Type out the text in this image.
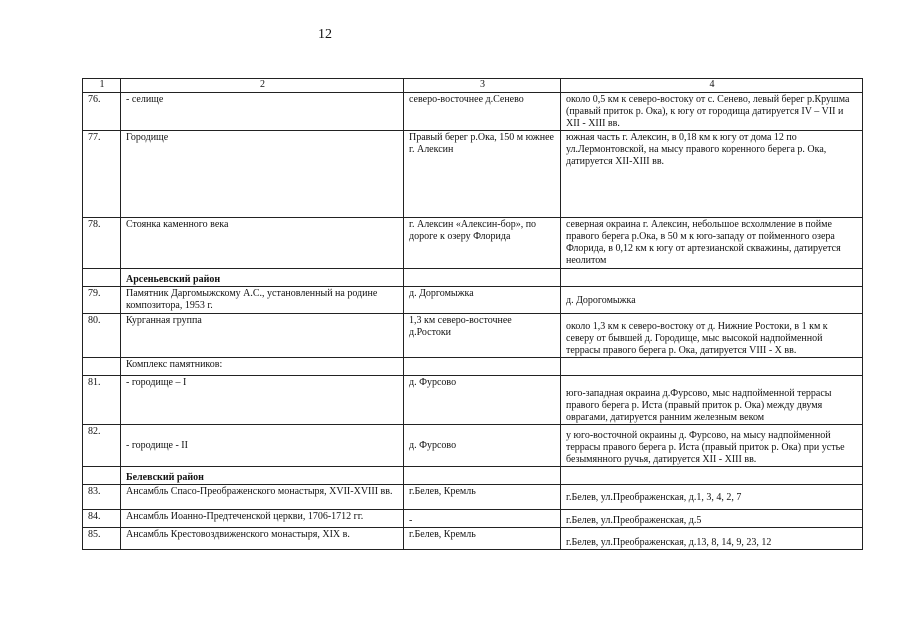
12
1	2	3	4
76.	- селище	северо-восточнее д.Сенево	около 0,5 км к северо-востоку от с. Сенево, левый берег р.Крушма (правый приток р. Ока), к югу от городища датируется IV – VII и XII - XIII вв.
77.	Городище	Правый берег р.Ока, 150 м южнее г. Алексин	южная часть г. Алексин, в 0,18 км к югу от дома 12 по ул.Лермонтовской, на мысу правого коренного берега р. Ока, датируется XII-XIII вв.
78.	Стоянка каменного века	г. Алексин «Алексин-бор», по дороге к озеру Флорида	северная окраина г. Алексин, небольшое всхолмление в пойме правого берега р.Ока, в 50 м к юго-западу от пойменного озера Флорида, в 0,12 км к югу от артезианской скважины, датируется неолитом
	Арсеньевский район		
79.	Памятник Даргомыжскому А.С., установленный на родине композитора, 1953 г.	д. Доргомыжка	д. Дорогомыжка
80.	Курганная группа	1,3 км северо-восточнее д.Ростоки	около 1,3 км к северо-востоку от д. Нижние Ростоки, в 1 км к северу от бывшей д. Городище, мыс высокой надпойменной террасы правого берега р. Ока, датируется VIII - X вв.
	Комплекс памятников:		
81.	- городище – I	д. Фурсово	юго-западная окраина д.Фурсово, мыс надпойменной террасы правого берега р. Иста (правый приток р. Ока) между двумя оврагами, датируется ранним железным веком
82.	- городище - II	д. Фурсово	у юго-восточной окраины д. Фурсово, на мысу надпойменной террасы правого берега р. Иста (правый приток р. Ока) при устье безымянного ручья, датируется XII - XIII вв.
	Белевский район		
83.	Ансамбль Спасо-Преображенского монастыря, XVII-XVIII вв.	г.Белев, Кремль	г.Белев, ул.Преображенская, д.1, 3, 4, 2, 7
84.	Ансамбль Иоанно-Предтеченской церкви, 1706-1712 гг.	-	г.Белев, ул.Преображенская, д.5
85.	Ансамбль Крестовоздвиженского монастыря, XIX в.	г.Белев, Кремль	г.Белев, ул.Преображенская, д.13, 8, 14, 9, 23, 12
